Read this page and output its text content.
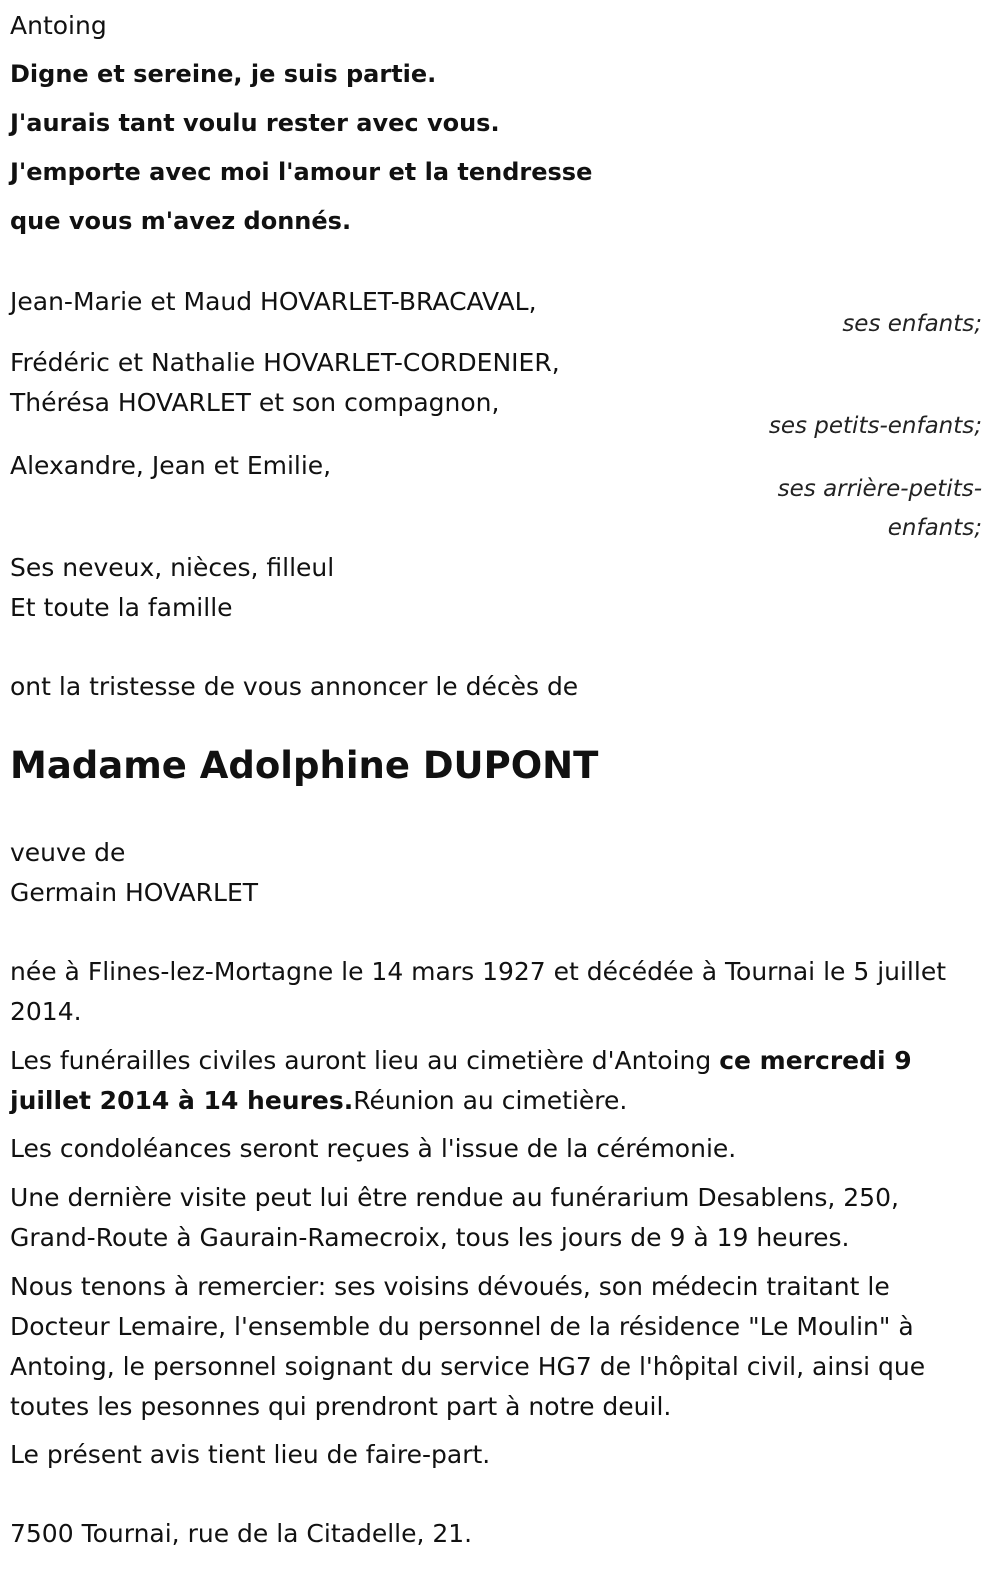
Antoing
Digne et sereine, je suis partie.
J'aurais tant voulu rester avec vous.
J'emporte avec moi l'amour et la tendresse
que vous m'avez donnés.
Jean-Marie et Maud HOVARLET-BRACAVAL,
ses enfants;
Frédéric et Nathalie HOVARLET-CORDENIER,
Thérésa HOVARLET et son compagnon,
ses petits-enfants;
Alexandre, Jean et Emilie,
ses arrière-petits-
enfants;
Ses neveux, nièces, filleul
Et toute la famille
ont la tristesse de vous annoncer le décès de
Madame Adolphine DUPONT
veuve de
Germain HOVARLET
née à Flines-lez-Mortagne le 14 mars 1927 et décédée à Tournai le 5 juillet 2014.
Les funérailles civiles auront lieu au cimetière d'Antoing ce mercredi 9 juillet 2014 à 14 heures.Réunion au cimetière.
Les condoléances seront reçues à l'issue de la cérémonie.
Une dernière visite peut lui être rendue au funérarium Desablens, 250, Grand-Route à Gaurain-Ramecroix, tous les jours de 9 à 19 heures.
Nous tenons à remercier: ses voisins dévoués, son médecin traitant le Docteur Lemaire, l'ensemble du personnel de la résidence "Le Moulin" à Antoing, le personnel soignant du service HG7 de l'hôpital civil, ainsi que toutes les pesonnes qui prendront part à notre deuil.
Le présent avis tient lieu de faire-part.
7500 Tournai, rue de la Citadelle, 21.
